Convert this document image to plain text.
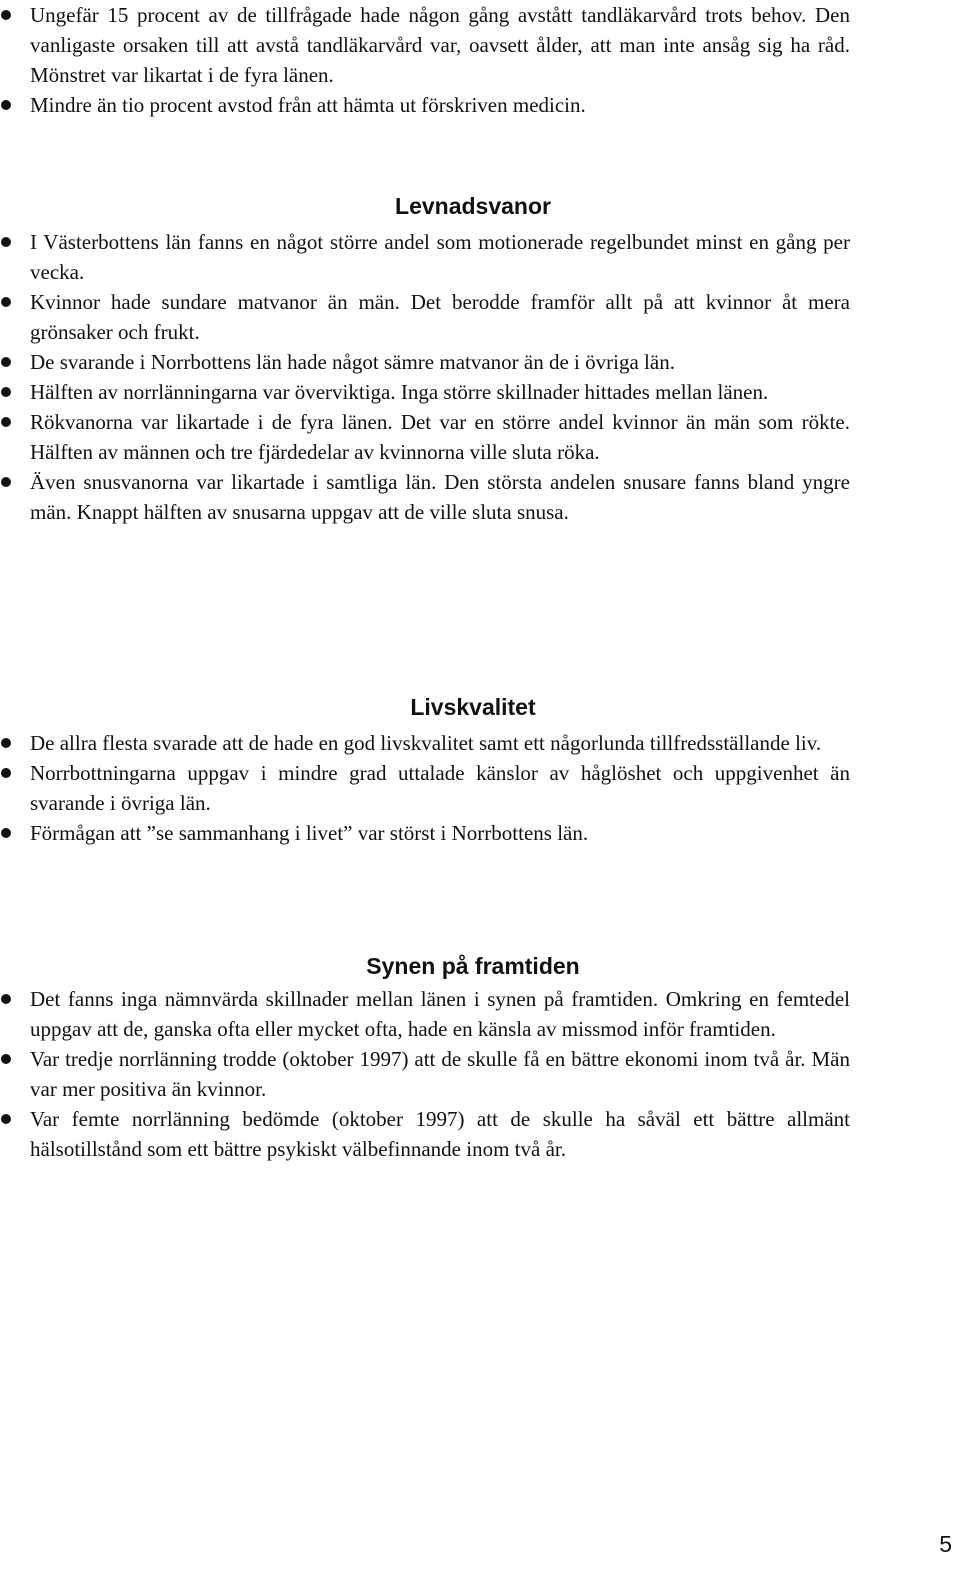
Ungefär 15 procent av de tillfrågade hade någon gång avstått tandläkarvård trots behov. Den vanligaste orsaken till att avstå tandläkarvård var, oavsett ålder, att man inte ansåg sig ha råd. Mönstret var likartat i de fyra länen.
Mindre än tio procent avstod från att hämta ut förskriven medicin.
Levnadsvanor
I Västerbottens län fanns en något större andel som motionerade regelbundet minst en gång per vecka.
Kvinnor hade sundare matvanor än män. Det berodde framför allt på att kvinnor åt mera grönsaker och frukt.
De svarande i Norrbottens län hade något sämre matvanor än de i övriga län.
Hälften av norrlänningarna var överviktiga. Inga större skillnader hittades mellan länen.
Rökvanorna var likartade i de fyra länen. Det var en större andel kvinnor än män som rökte. Hälften av männen och tre fjärdedelar av kvinnorna ville sluta röka.
Även snusvanorna var likartade i samtliga län. Den största andelen snusare fanns bland yngre män. Knappt hälften av snusarna uppgav att de ville sluta snusa.
Livskvalitet
De allra flesta svarade att de hade en god livskvalitet samt ett någorlunda tillfredsställande liv.
Norrbottningarna uppgav i mindre grad uttalade känslor av håglöshet och uppgivenhet än svarande i övriga län.
Förmågan att ”se sammanhang i livet” var störst i Norrbottens län.
Synen på framtiden
Det fanns inga nämnvärda skillnader mellan länen i synen på framtiden. Omkring en femtedel uppgav att de, ganska ofta eller mycket ofta, hade en känsla av missmod inför framtiden.
Var tredje norrlänning trodde (oktober 1997) att de skulle få en bättre ekonomi inom två år. Män var mer positiva än kvinnor.
Var femte norrlänning bedömde (oktober 1997) att de skulle ha såväl ett bättre allmänt hälsotillstånd som ett bättre psykiskt välbefinnande inom två år.
5
